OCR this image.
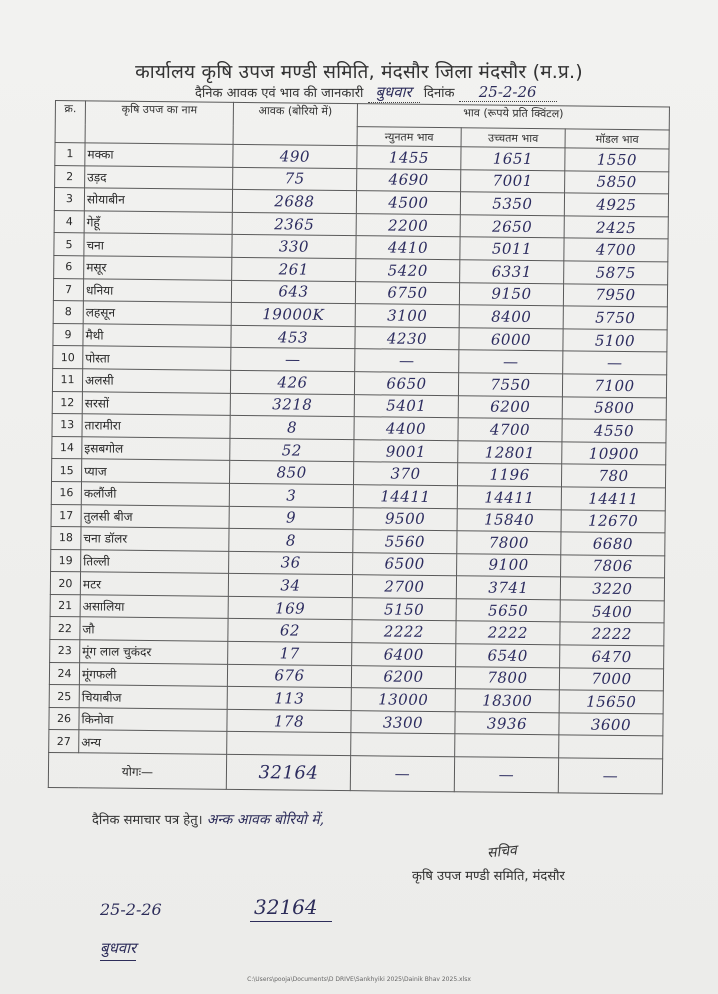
कार्यालय कृषि उपज मण्डी समिति, मंदसौर जिला मंदसौर (म.प्र.)
दैनिक आवक एवं भाव की जानकारी बुधवार दिनांक 25-2-26
क्र.	कृषि उपज का नाम	आवक (बोरियो में)	भाव (रूपये प्रति क्विंटल)		
			न्युनतम भाव	उच्चतम भाव	मॉडल भाव
1	मक्का	490	1455	1651	1550
2	उड़द	75	4690	7001	5850
3	सोयाबीन	2688	4500	5350	4925
4	गेहूँ	2365	2200	2650	2425
5	चना	330	4410	5011	4700
6	मसूर	261	5420	6331	5875
7	धनिया	643	6750	9150	7950
8	लहसून	19000K	3100	8400	5750
9	मैथी	453	4230	6000	5100
10	पोस्ता	—	—	—	—
11	अलसी	426	6650	7550	7100
12	सरसों	3218	5401	6200	5800
13	तारामीरा	8	4400	4700	4550
14	इसबगोल	52	9001	12801	10900
15	प्याज	850	370	1196	780
16	कलौंजी	3	14411	14411	14411
17	तुलसी बीज	9	9500	15840	12670
18	चना डॉलर	8	5560	7800	6680
19	तिल्ली	36	6500	9100	7806
20	मटर	34	2700	3741	3220
21	असालिया	169	5150	5650	5400
22	जौ	62	2222	2222	2222
23	मूंग लाल चुकंदर	17	6400	6540	6470
24	मूंगफली	676	6200	7800	7000
25	चियाबीज	113	13000	18300	15650
26	किनोवा	178	3300	3936	3600
27	अन्य				
योगः—		32164	—	—	—
दैनिक समाचार पत्र हेतु। अन्क आवक बोरियो में,
सचिव
कृषि उपज मण्डी समिति, मंदसौर
25-2-26
बुधवार
32164
C:\Users\pooja\Documents\D DRIVE\Sankhyiki 2025\Dainik Bhav 2025.xlsx
